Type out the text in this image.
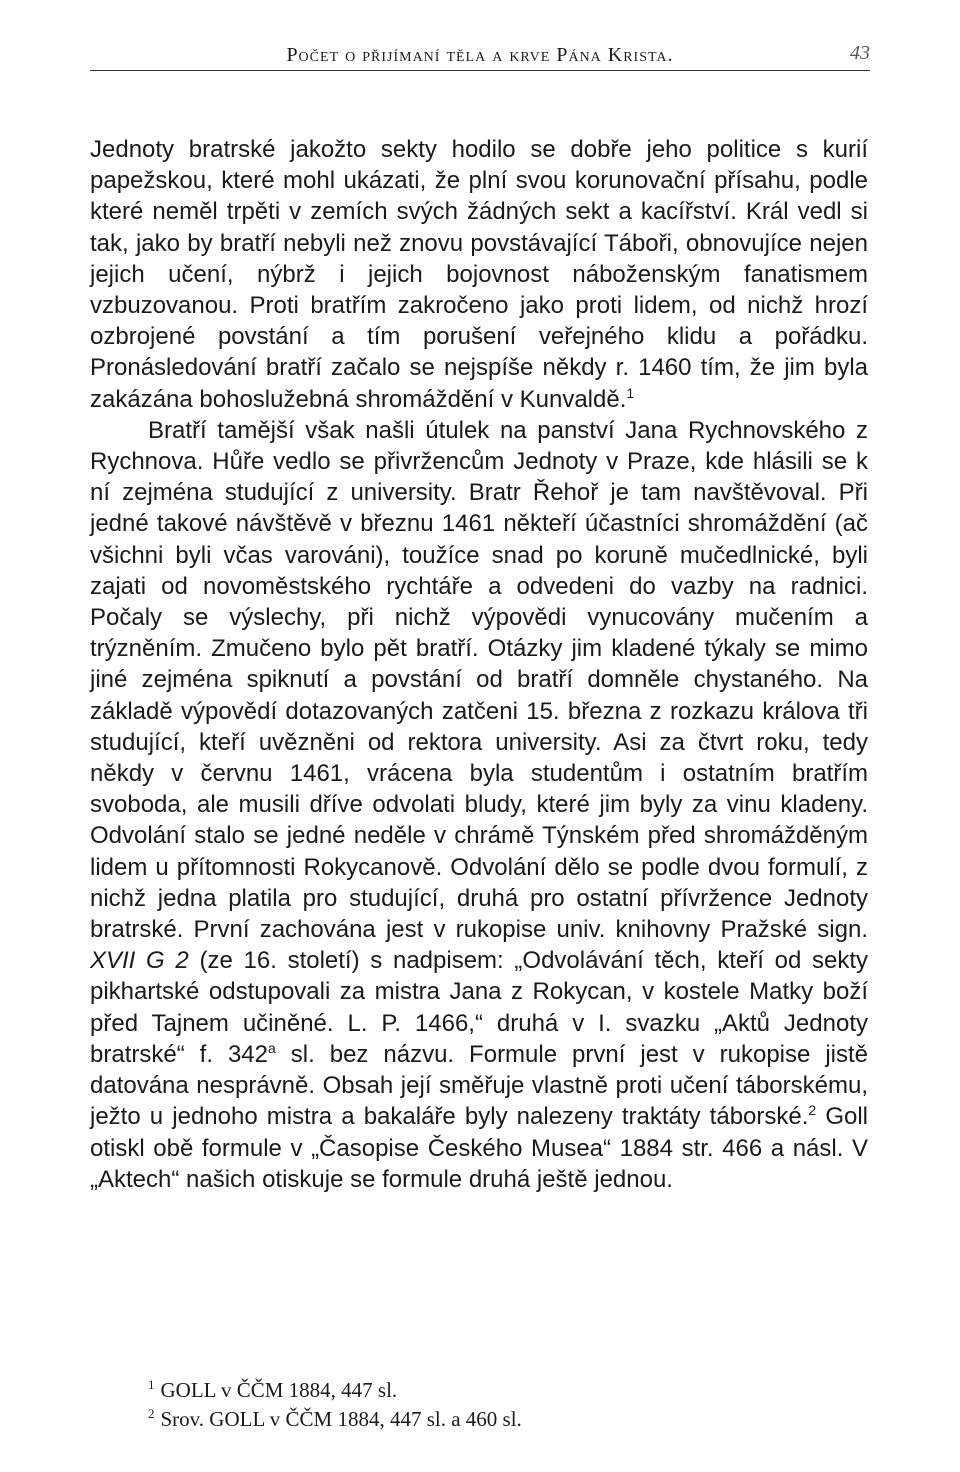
Počet o přijímaní těla a krve Pána Krista.	43

Jednoty bratrské jakožto sekty hodilo se dobře jeho politice s kurií papežskou, které mohl ukázati, že plní svou korunovační přísahu, podle které neměl trpěti v zemích svých žádných sekt a kacířství. Král vedl si tak, jako by bratří nebyli než znovu povstávající Táboři, obnovujíce nejen jejich učení, nýbrž i jejich bojovnost náboženským fanatismem vzbuzovanou. Proti bratřím zakročeno jako proti lidem, od nichž hrozí ozbrojené povstání a tím porušení veřejného klidu a pořádku. Pronásledování bratří začalo se nejspíše někdy r. 1460 tím, že jim byla zakázána bohoslužebná shromáždění v Kunvaldě.$^1$

Bratří tamější však našli útulek na panství Jana Rychnovského z Rychnova. Hůře vedlo se přivržencům Jednoty v Praze, kde hlásili se k ní zejména studující z university. Bratr Řehoř je tam navštěvoval. Při jedné takové návštěvě v březnu 1461 někteří účastníci shromáždění (ač všichni byli včas varováni), toužíce snad po koruně mučedlnické, byli zajati od novoměstského rychtáře a odvedeni do vazby na radnici. Počaly se výslechy, při nichž výpovědi vynucovány mučením a trýzněním. Zmučeno bylo pět bratří. Otázky jim kladené týkaly se mimo jiné zejména spiknutí a povstání od bratří domněle chystaného. Na základě výpovědí dotazovaných zatčeni 15. března z rozkazu králova tři studující, kteří uvězněni od rektora university. Asi za čtvrt roku, tedy někdy v červnu 1461, vrácena byla studentům i ostatním bratřím svoboda, ale musili dříve odvolati bludy, které jim byly za vinu kladeny. Odvolání stalo se jedné neděle v chrámě Týnském před shromážděným lidem u přítomnosti Rokycanově. Odvolání dělo se podle dvou formulí, z nichž jedna platila pro studující, druhá pro ostatní přívržence Jednoty bratrské. První zachována jest v rukopise univ. knihovny Pražské sign. XVII G 2 (ze 16. století) s nadpisem: „Odvolávání těch, kteří od sekty pikhartské odstupovali za mistra Jana z Rokycan, v kostele Matky boží před Tajnem učiněné. L. P. 1466,“ druhá v I. svazku „Aktů Jednoty bratrské“ f. 342$^a$ sl. bez názvu. Formule první jest v rukopise jistě datována nesprávně. Obsah její směřuje vlastně proti učení táborskému, ježto u jednoho mistra a bakaláře byly nalezeny traktáty táborské.$^2$ Goll otiskl obě formule v „Časopise Českého Musea“ 1884 str. 466 a násl. V „Aktech“ našich otiskuje se formule druhá ještě jednou.

$^1$ GOLL v ČČM 1884, 447 sl.
$^2$ Srov. GOLL v ČČM 1884, 447 sl. a 460 sl.
